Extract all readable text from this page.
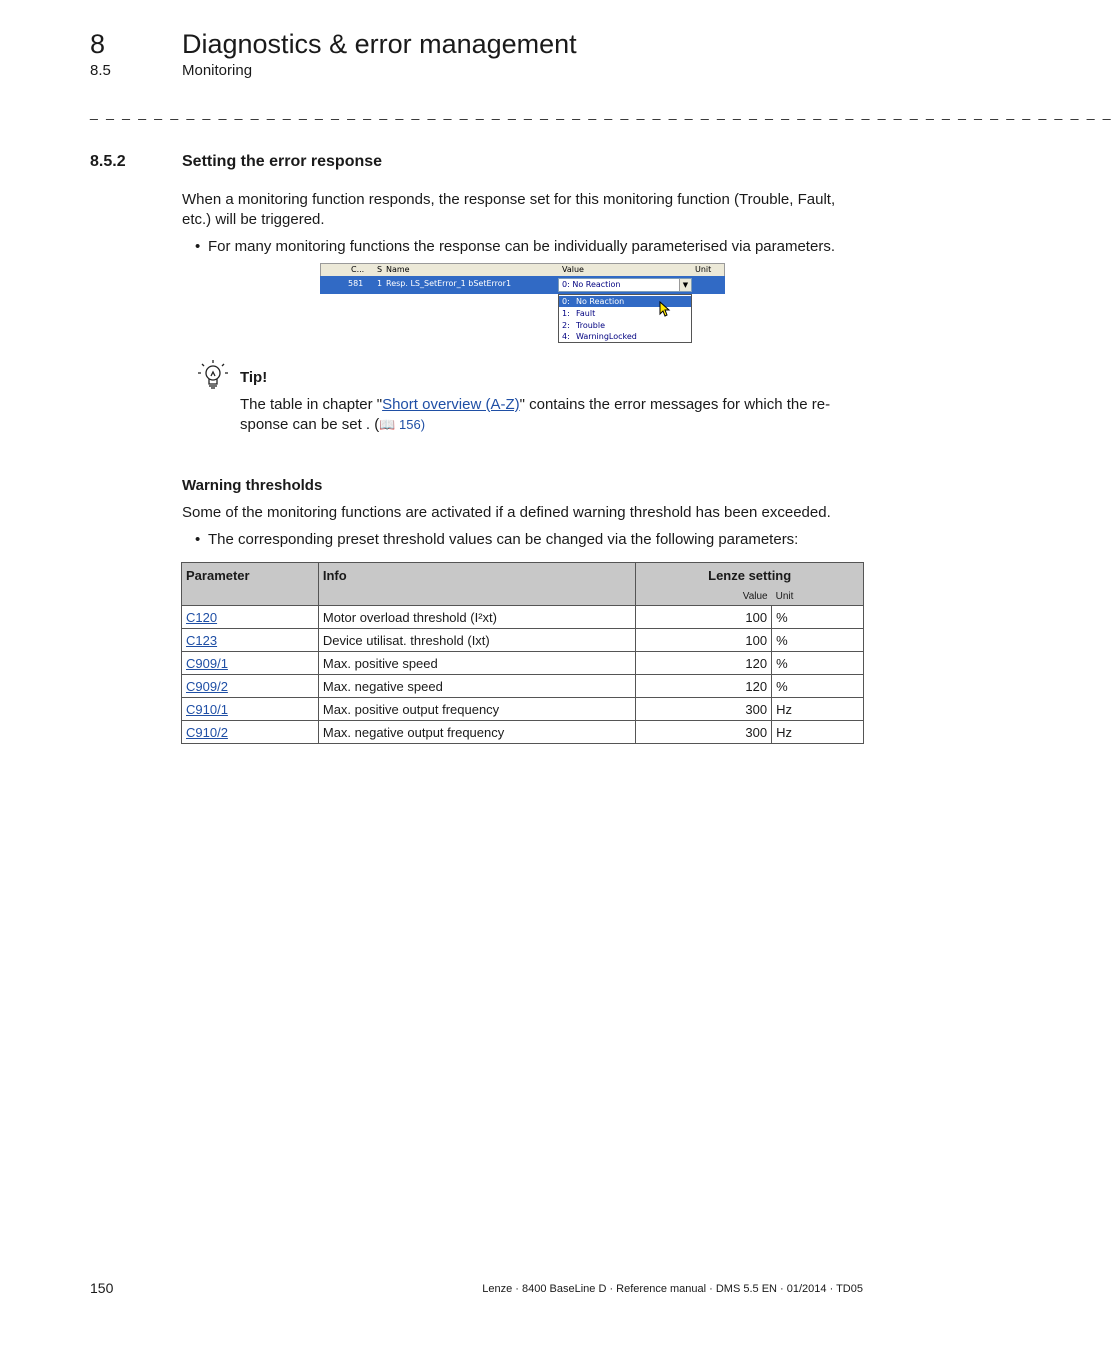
8	Diagnostics & error management
8.5	Monitoring
_ _ _ _ _ _ _ _ _ _ _ _ _ _ _ _ _ _ _ _ _ _ _ _ _ _ _ _ _ _ _ _ _ _ _ _ _ _ _ _ _ _ _ _ _ _ _ _ _ _ _ _ _ _ _ _ _ _ _ _ _ _ _ _
8.5.2	Setting the error response
When a monitoring function responds, the response set for this monitoring function (Trouble, Fault,
etc.) will be triggered.
• For many monitoring functions the response can be individually parameterised via parameters.
C... S Name	Value	Unit
581 1 Resp. LS_SetError_1 bSetError1	0: No Reaction	▼
0: No Reaction
1: Fault
2: Trouble
4: WarningLocked
Tip!
The table in chapter "Short overview (A-Z)" contains the error messages for which the re-
sponse can be set . (📖 156)
Warning thresholds
Some of the monitoring functions are activated if a defined warning threshold has been exceeded.
• The corresponding preset threshold values can be changed via the following parameters:
Parameter	Info	Lenze setting	
		Value	Unit
C120	Motor overload threshold (I²xt)	100	%
C123	Device utilisat. threshold (Ixt)	100	%
C909/1	Max. positive speed	120	%
C909/2	Max. negative speed	120	%
C910/1	Max. positive output frequency	300	Hz
C910/2	Max. negative output frequency	300	Hz
150	Lenze · 8400 BaseLine D · Reference manual · DMS 5.5 EN · 01/2014 · TD05
